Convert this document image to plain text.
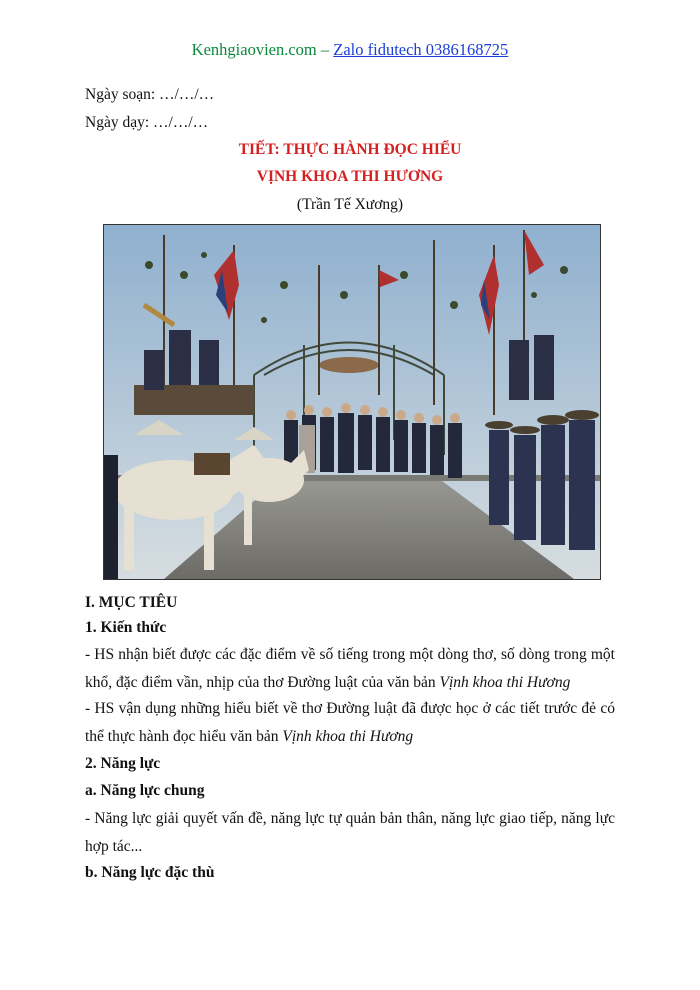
Kenhgiaovien.com – Zalo fidutech 0386168725
Ngày soạn: …/…/…
Ngày dạy: …/…/…
TIẾT: THỰC HÀNH ĐỌC HIỂU
VỊNH KHOA THI HƯƠNG
(Trần Tế Xương)
I. MỤC TIÊU
1. Kiến thức
- HS nhận biết được các đặc điểm về số tiếng trong một dòng thơ, số dòng trong một khổ, đặc điểm vần, nhịp của thơ Đường luật của văn bản Vịnh khoa thi Hương
- HS vận dụng những hiểu biết về thơ Đường luật đã được học ở các tiết trước đẻ có thể thực hành đọc hiểu văn bản Vịnh khoa thi Hương
2. Năng lực
a. Năng lực chung
- Năng lực giải quyết vấn đề, năng lực tự quản bản thân, năng lực giao tiếp, năng lực hợp tác...
b. Năng lực đặc thù
